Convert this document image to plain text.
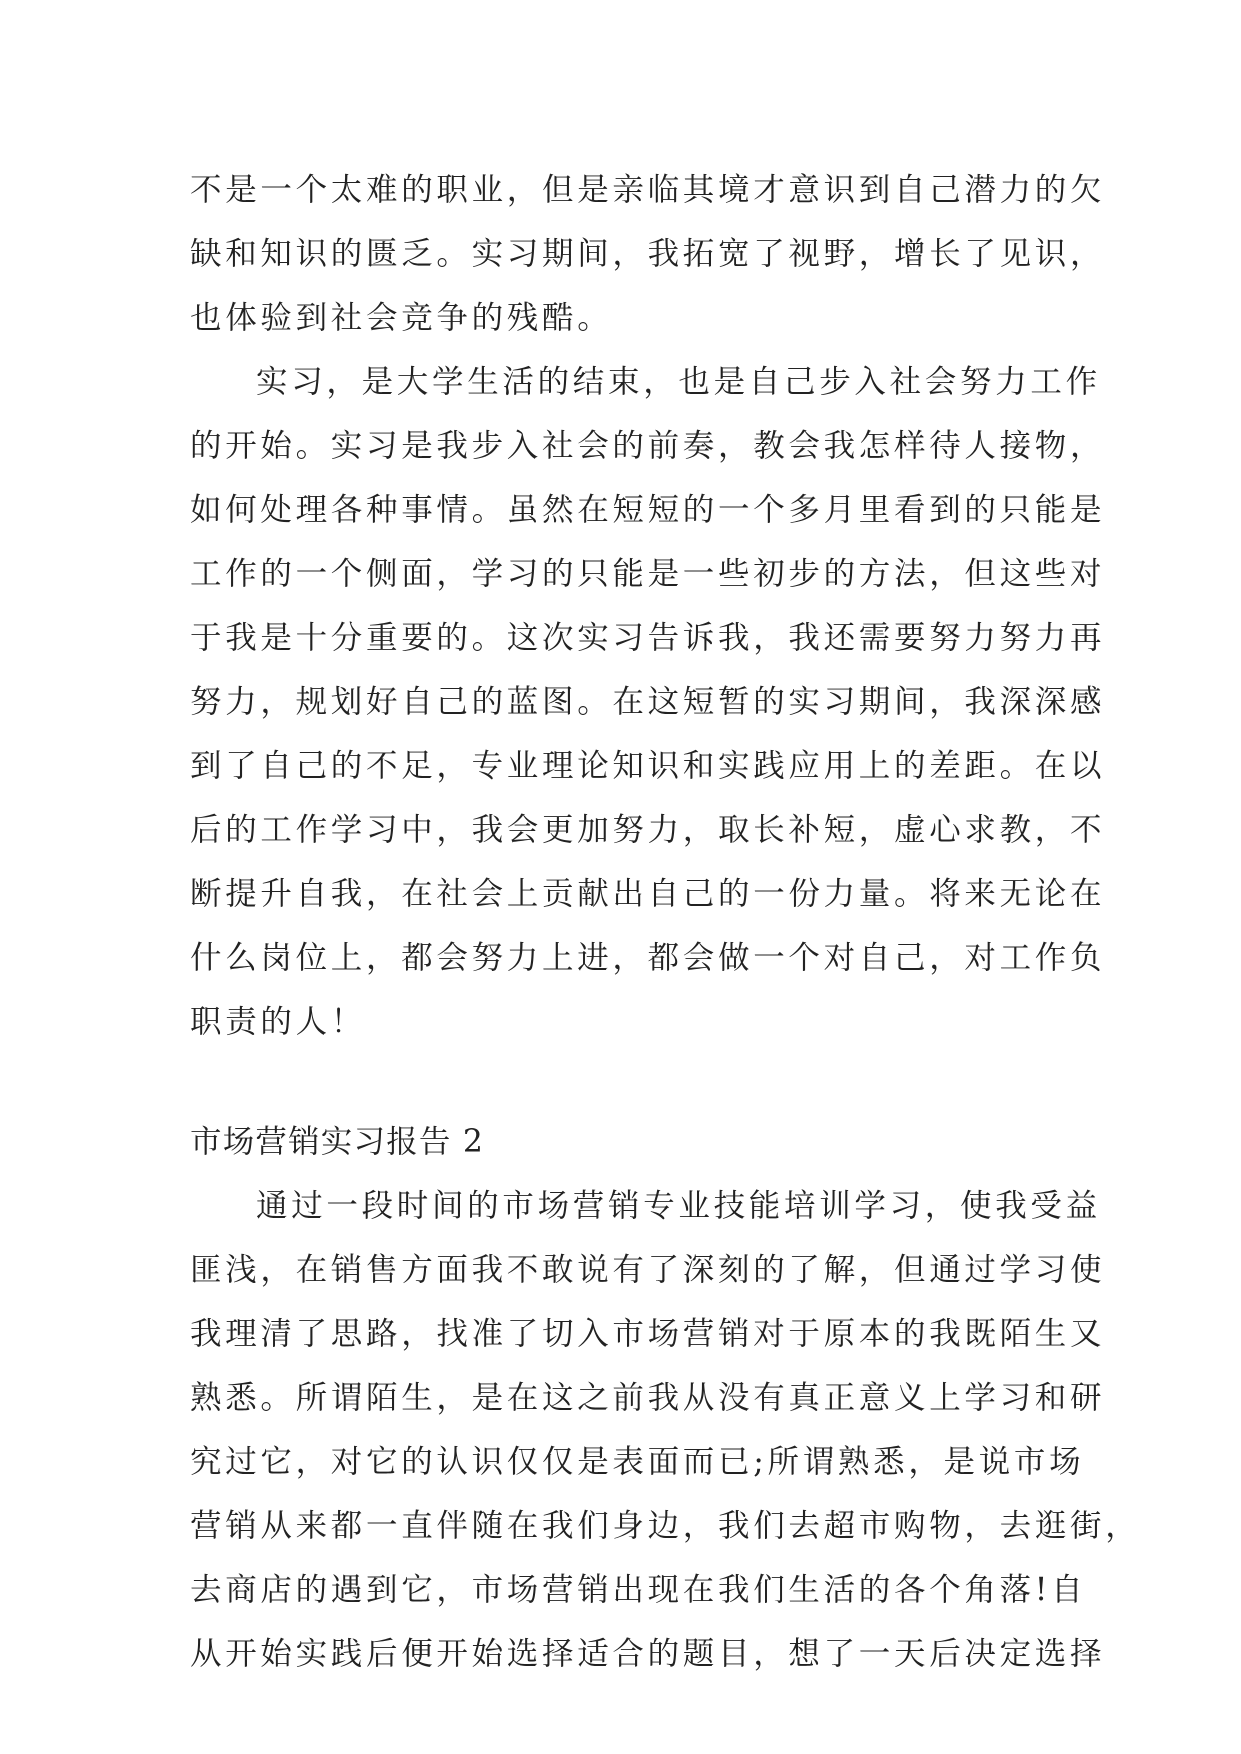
不是一个太难的职业，但是亲临其境才意识到自己潜力的欠
缺和知识的匮乏。实习期间，我拓宽了视野，增长了见识，
也体验到社会竞争的残酷。
实习，是大学生活的结束，也是自己步入社会努力工作
的开始。实习是我步入社会的前奏，教会我怎样待人接物，
如何处理各种事情。虽然在短短的一个多月里看到的只能是
工作的一个侧面，学习的只能是一些初步的方法，但这些对
于我是十分重要的。这次实习告诉我，我还需要努力努力再
努力，规划好自己的蓝图。在这短暂的实习期间，我深深感
到了自己的不足，专业理论知识和实践应用上的差距。在以
后的工作学习中，我会更加努力，取长补短，虚心求教，不
断提升自我，在社会上贡献出自己的一份力量。将来无论在
什么岗位上，都会努力上进，都会做一个对自己，对工作负
职责的人！
市场营销实习报告 2
通过一段时间的市场营销专业技能培训学习，使我受益
匪浅，在销售方面我不敢说有了深刻的了解，但通过学习使
我理清了思路，找准了切入市场营销对于原本的我既陌生又
熟悉。所谓陌生，是在这之前我从没有真正意义上学习和研
究过它，对它的认识仅仅是表面而已;所谓熟悉，是说市场
营销从来都一直伴随在我们身边，我们去超市购物，去逛街，
去商店的遇到它，市场营销出现在我们生活的各个角落!自
从开始实践后便开始选择适合的题目，想了一天后决定选择
